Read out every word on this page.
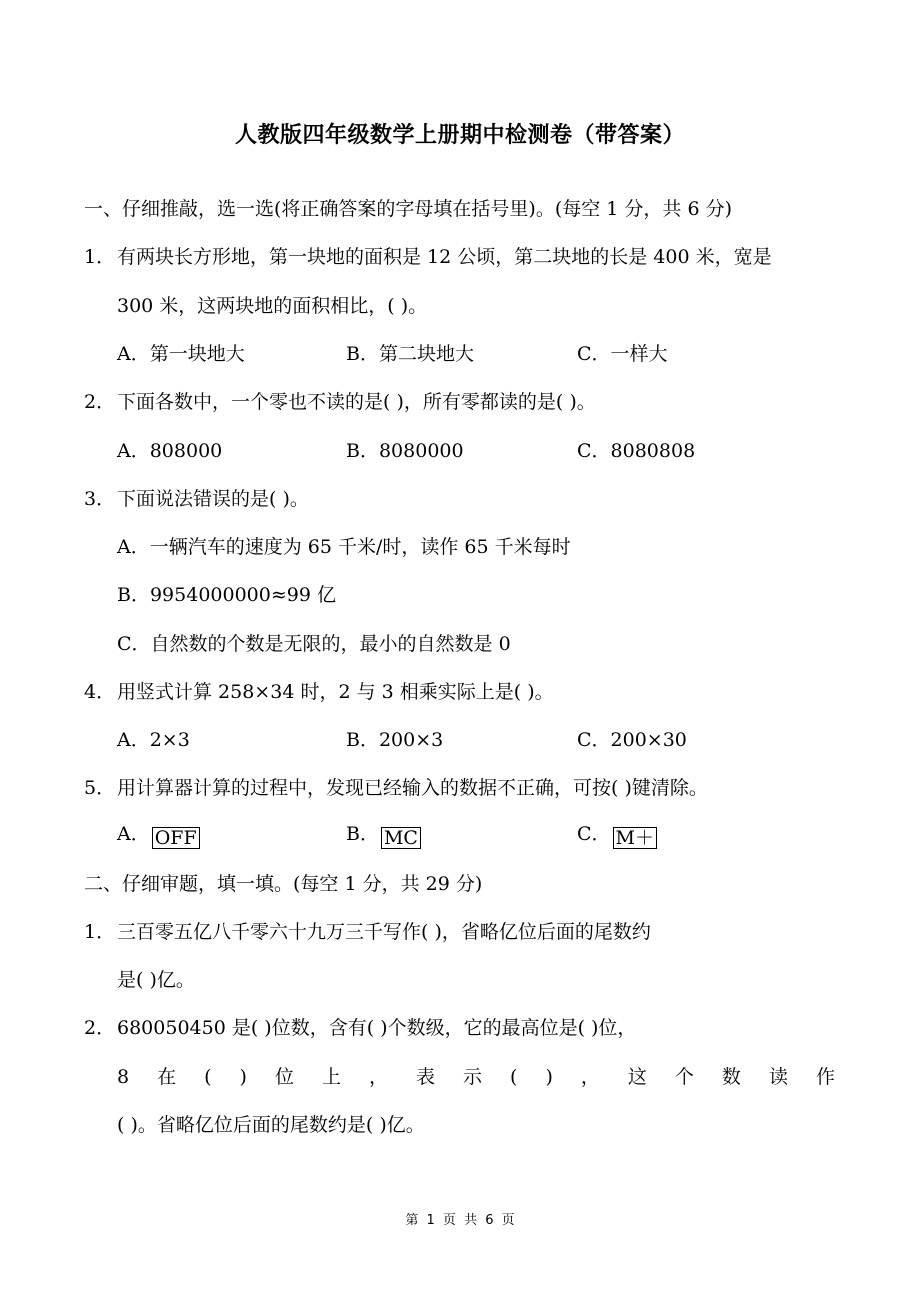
人教版四年级数学上册期中检测卷（带答案）
一、仔细推敲，选一选(将正确答案的字母填在括号里)。(每空 1 分，共 6 分)
1． 有两块长方形地，第一块地的面积是 12 公顷，第二块地的长是 400 米，宽是
300 米，这两块地的面积相比，( )。
A．第一块地大	B．第二块地大	C．一样大
2． 下面各数中，一个零也不读的是( )，所有零都读的是( )。
A．808000	B．8080000	C．8080808
3． 下面说法错误的是( )。
A．一辆汽车的速度为 65 千米/时，读作 65 千米每时
B．9954000000≈99 亿
C．自然数的个数是无限的，最小的自然数是 0
4． 用竖式计算 258×34 时，2 与 3 相乘实际上是( )。
A．2×3	B．200×3	C．200×30
5． 用计算器计算的过程中，发现已经输入的数据不正确，可按( )键清除。
A． OFF	B． MC	C． M＋
二、仔细审题，填一填。(每空 1 分，共 29 分)
1． 三百零五亿八千零六十九万三千写作( )，省略亿位后面的尾数约
是( )亿。
2． 680050450 是( )位数，含有( )个数级，它的最高位是( )位，
8 在 ( ) 位 上 ， 表 示 ( ) ， 这 个 数 读 作
( )。省略亿位后面的尾数约是( )亿。
第 1 页 共 6 页
